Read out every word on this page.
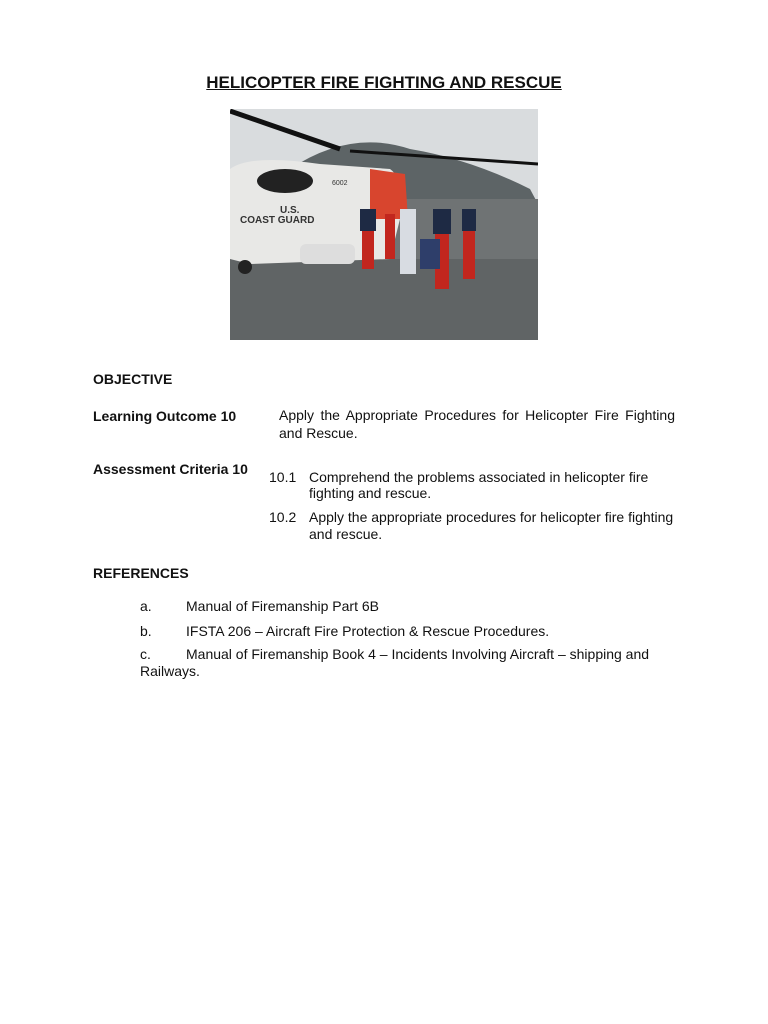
HELICOPTER FIRE FIGHTING AND RESCUE
U.S.
COAST GUARD
6002
OBJECTIVE
Learning Outcome 10	Apply the Appropriate Procedures for Helicopter Fire Fighting
and Rescue.
Assessment Criteria 10 10.1 Comprehend the problems associated in helicopter fire
fighting and rescue.
10.2 Apply the appropriate procedures for helicopter fire fighting
and rescue.
REFERENCES
a. Manual of Firemanship Part 6B
b. IFSTA 206 – Aircraft Fire Protection & Rescue Procedures.
c.	Manual of Firemanship Book 4 – Incidents Involving Aircraft – shipping and
Railways.
